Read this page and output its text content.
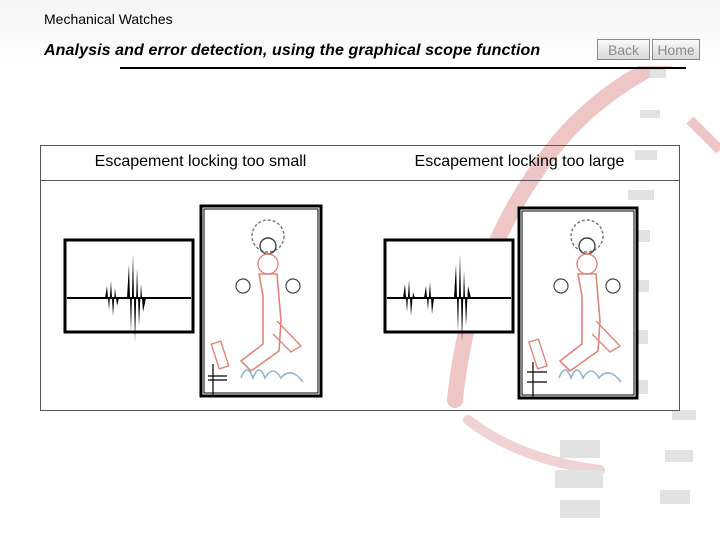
Mechanical Watches
Analysis and error detection, using the graphical scope function	Back	Home
Escapement locking too small	Escapement locking too large
